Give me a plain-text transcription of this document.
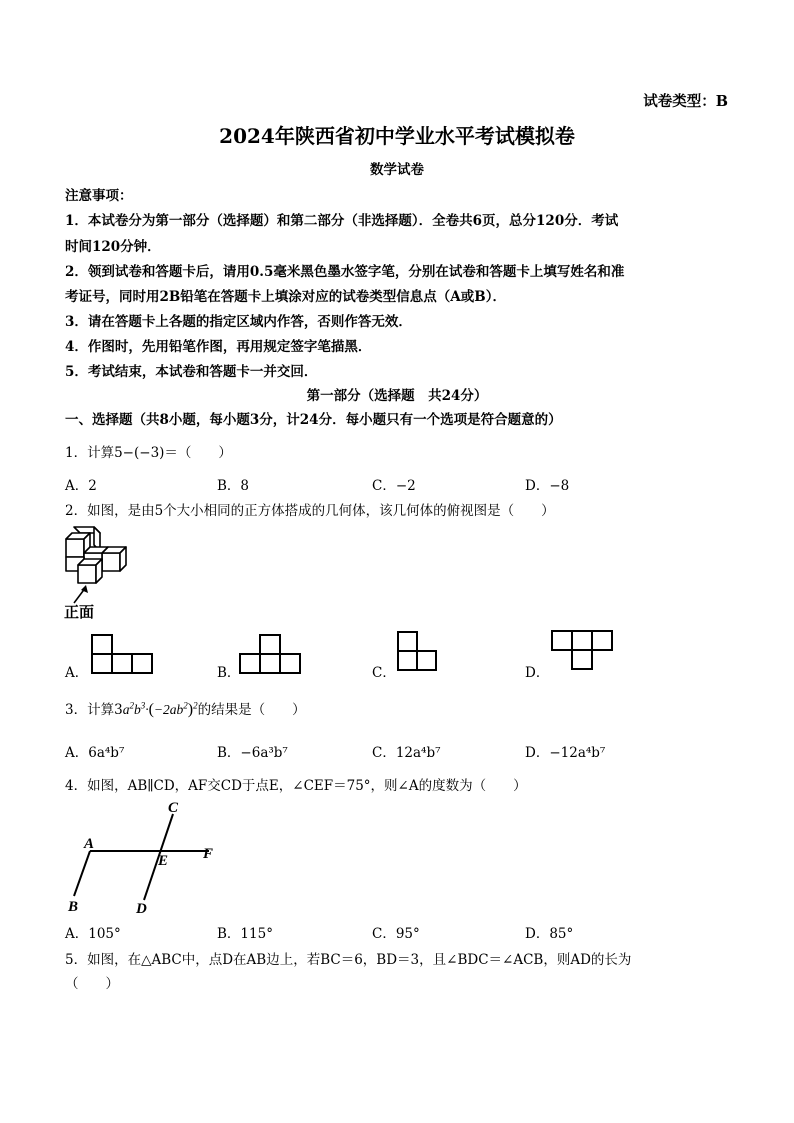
试卷类型：B
2024年陕西省初中学业水平考试模拟卷
数学试卷
注意事项：
1．本试卷分为第一部分（选择题）和第二部分（非选择题）．全卷共6页，总分120分．考试
时间120分钟．
2．领到试卷和答题卡后，请用0.5毫米黑色墨水签字笔，分别在试卷和答题卡上填写姓名和准
考证号，同时用2B铅笔在答题卡上填涂对应的试卷类型信息点（A或B）．
3．请在答题卡上各题的指定区域内作答，否则作答无效．
4．作图时，先用铅笔作图，再用规定签字笔描黑．
5．考试结束，本试卷和答题卡一并交回．
第一部分（选择题　共24分）
一、选择题（共8小题，每小题3分，计24分．每小题只有一个选项是符合题意的）
1．计算5−(−3)＝（　　）
A．2	B．8	C．−2	D．−8
2．如图，是由5个大小相同的正方体搭成的几何体，该几何体的俯视图是（　　）
正面
A．	B．	C．	D．
3．计算$3a^2b^3\cdot(-2ab^2)^2$的结果是（　　）
A．6a⁴b⁷	B．−6a³b⁷	C．12a⁴b⁷	D．−12a⁴b⁷
4．如图，AB∥CD，AF交CD于点E，∠CEF＝75°，则∠A的度数为（　　）
A
B
C
D
E F
A．105°	B．115°	C．95°	D．85°
5．如图，在△ABC中，点D在AB边上，若BC＝6，BD＝3，且∠BDC＝∠ACB，则AD的长为
（　　）
